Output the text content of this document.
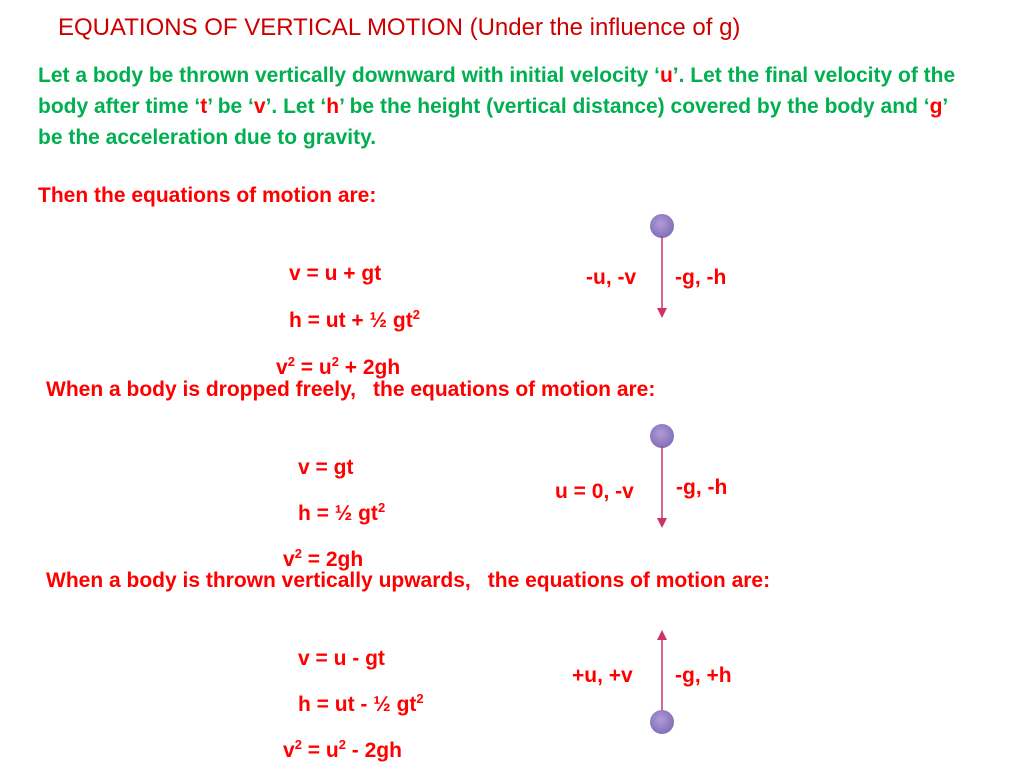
EQUATIONS OF VERTICAL MOTION (Under the influence of g)
Let a body be thrown vertically downward with initial velocity ‘u’. Let the final velocity of the body after time ‘t’ be ‘v’. Let ‘h’ be the height (vertical distance) covered by the body and ‘g’ be the acceleration due to gravity.
Then the equations of motion are:
v = u + gt
h = ut + ½ $gt^2$
$v^2 = u^2 + 2gh$
-u, -v -g, -h
When a body is dropped freely, the equations of motion are:
v = gt
h = ½ $gt^2$
$v^2 = 2gh$
u = 0, -v -g, -h
When a body is thrown vertically upwards, the equations of motion are:
v = u - gt
h = ut - ½ $gt^2$
$v^2 = u^2 - 2gh$
+u, +v -g, +h
